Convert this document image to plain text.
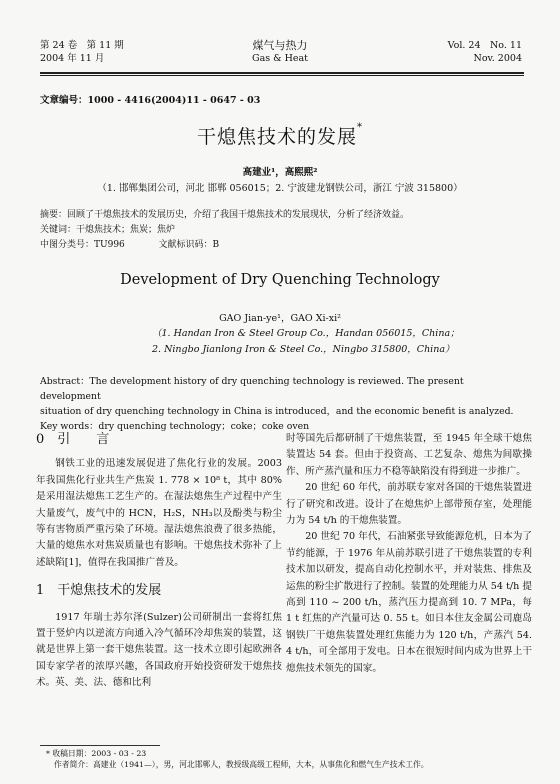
第 24 卷　第 11 期
2004 年 11 月
煤气与热力
Gas & Heat
Vol. 24　No. 11
Nov. 2004
文章编号：1000 - 4416(2004)11 - 0647 - 03
干熄焦技术的发展*
高建业¹，高熙熙²
（1. 邯郸集团公司，河北 邯郸 056015；2. 宁波建龙钢铁公司，浙江 宁波 315800）
摘要：回顾了干熄焦技术的发展历史，介绍了我国干熄焦技术的发展现状，分析了经济效益。
关键词：干熄焦技术；焦炭；焦炉
中图分类号：TU996	文献标识码：B
Development of Dry Quenching Technology
GAO Jian-ye¹，GAO Xi-xi²
（1. Handan Iron & Steel Group Co.，Handan 056015，China；
2. Ningbo Jianlong Iron & Steel Co.，Ningbo 315800，China）
Abstract：The development history of dry quenching technology is reviewed. The present development
situation of dry quenching technology in China is introduced，and the economic benefit is analyzed.
Key words：dry quenching technology；coke；coke oven
0　引　　言

钢铁工业的迅速发展促进了焦化行业的发展。2003 年我国焦化行业共生产焦炭 1. 778 × 10⁸ t，其中 80% 是采用湿法熄焦工艺生产的。在湿法熄焦生产过程中产生大量废气，废气中的 HCN，H₂S，NH₃以及酚类与粉尘等有害物质严重污染了环境。湿法熄焦浪费了很多热能，大量的熄焦水对焦炭质量也有影响。干熄焦技术弥补了上述缺陷[1]，值得在我国推广普及。

1　干熄焦技术的发展

1917 年瑞士苏尔泽(Sulzer)公司研制出一套将红焦置于竖炉内以逆流方向通入冷气循环冷却焦炭的装置，这就是世界上第一套干熄焦装置。这一技术立即引起欧洲各国专家学者的浓厚兴趣，各国政府开始投资研发干熄焦技术。英、美、法、德和比利

时等国先后都研制了干熄焦装置，至 1945 年全球干熄焦装置达 54 套。但由于投资高、工艺复杂、熄焦为间歇操作、所产蒸汽量和压力不稳等缺陷没有得到进一步推广。

20 世纪 60 年代，前苏联专家对各国的干熄焦装置进行了研究和改进。设计了在熄焦炉上部带预存室，处理能力为 54 t/h 的干熄焦装置。

20 世纪 70 年代，石油紧张导致能源危机，日本为了节约能源，于 1976 年从前苏联引进了干熄焦装置的专利技术加以研发，提高自动化控制水平，并对装焦、排焦及运焦的粉尘扩散进行了控制。装置的处理能力从 54 t/h 提高到 110 ~ 200 t/h，蒸汽压力提高到 10. 7 MPa，每 1 t 红焦的产汽量可达 0. 55 t。如日本住友金属公司鹿岛钢铁厂干熄焦装置处理红焦能力为 120 t/h，产蒸汽 54. 4 t/h，可全部用于发电。日本在很短时间内成为世界上干熄焦技术领先的国家。

* 收稿日期：2003 - 03 - 23
作者简介：高建业（1941—），男，河北邯郸人，教授级高级工程师，大本，从事焦化和燃气生产技术工作。
